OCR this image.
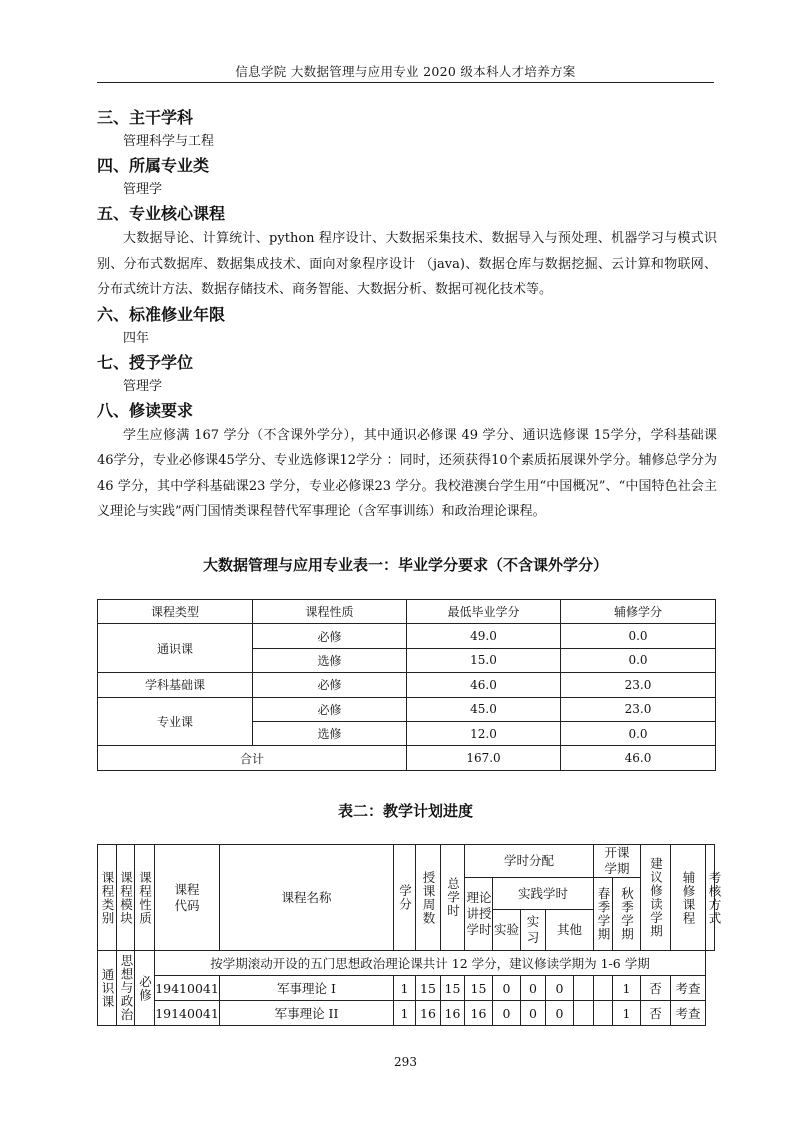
信息学院 大数据管理与应用专业 2020 级本科人才培养方案
三、主干学科
管理科学与工程
四、所属专业类
管理学
五、专业核心课程

大数据导论、计算统计、python 程序设计、大数据采集技术、数据导入与预处理、机器学习与模式识别、分布式数据库、数据集成技术、面向对象程序设计 （java)、数据仓库与数据挖掘、云计算和物联网、分布式统计方法、数据存储技术、商务智能、大数据分析、数据可视化技术等。

六、标准修业年限
四年
七、授予学位
管理学
八、修读要求

学生应修满 167 学分（不含课外学分），其中通识必修课 49 学分、通识选修课 15学分，学科基础课46学分，专业必修课45学分、专业选修课12学分 ：同时，还须获得10个素质拓展课外学分。辅修总学分为46 学分，其中学科基础课23 学分，专业必修课23 学分。我校港澳台学生用“中国概况”、“中国特色社会主义理论与实践”两门国情类课程替代军事理论（含军事训练）和政治理论课程。

大数据管理与应用专业表一：毕业学分要求（不含课外学分）
课程类型	课程性质	最低毕业学分	辅修学分
通识课	必修	49.0	0.0
	选修	15.0	0.0
学科基础课	必修	46.0	23.0
专业课	必修	45.0	23.0
	选修	12.0	0.0
合计		167.0	46.0
表二：教学计划进度
课程类别	课程模块	课程性质	课程代码	课程名称	学分	授课周数	总学时	学时分配					开课学期		建议修读学期	辅修课程	考核方式

								理论讲授学时	实践学时				春季学期	秋季学期			

									实验	实习	其他						

通识课	思想与政治	必修	按学期滚动开设的五门思想政治理论课共计 12 学分，建议修读学期为 1-6 学期														
			19410041	军事理论 I	1	15	15	15	0	0	0			1	否	考查	
			19140041	军事理论 II	1	16	16	16	0	0	0			1	否	考查	
293
